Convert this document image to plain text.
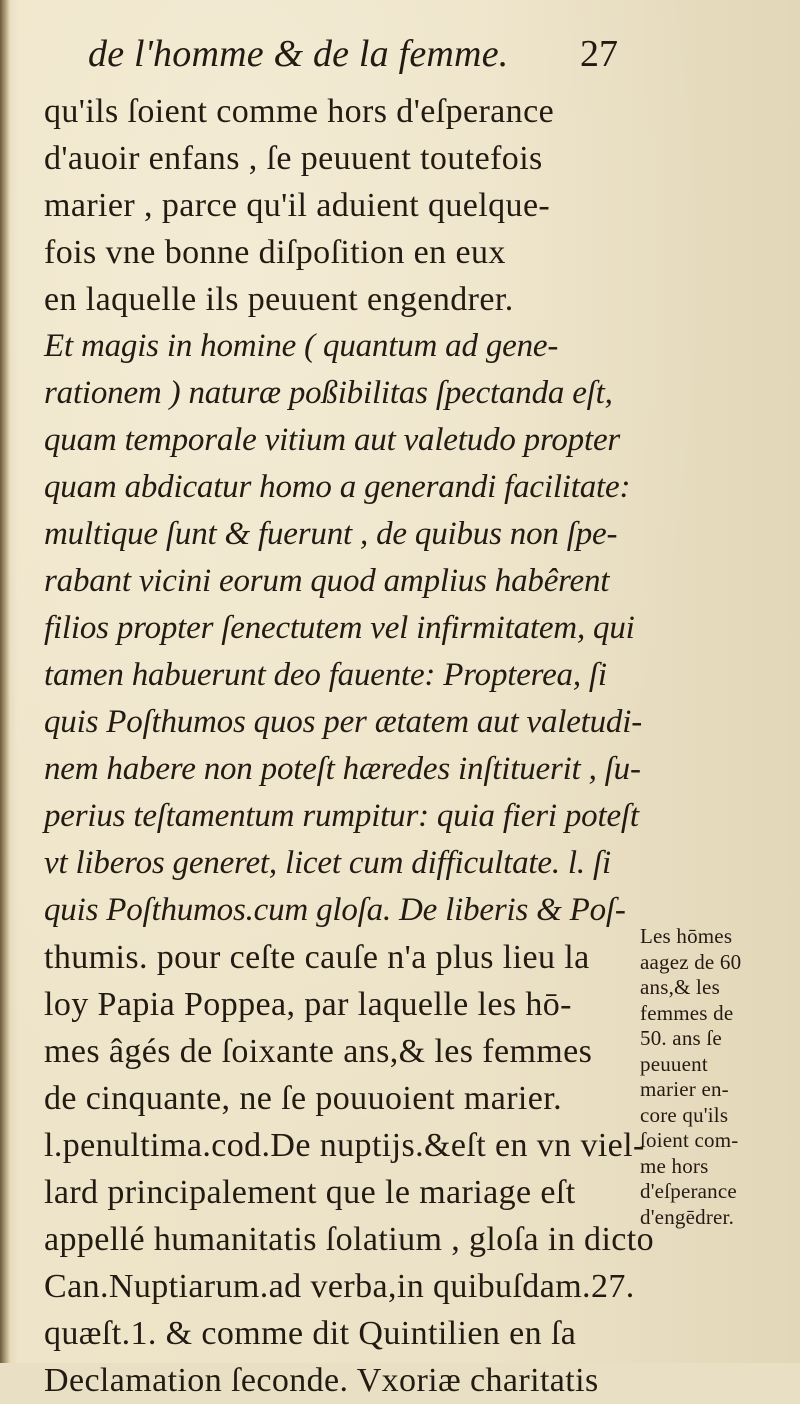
de l'homme & de la femme. 27
qu'ils ſoient comme hors d'eſperance
d'auoir enfans , ſe peuuent toutefois
marier , parce qu'il aduient quelque-
fois vne bonne diſpoſition en eux
en laquelle ils peuuent engendrer.
Et magis in homine ( quantum ad gene-
rationem ) naturæ poßibilitas ſpectanda eſt,
quam temporale vitium aut valetudo propter
quam abdicatur homo a generandi facilitate:
multique ſunt & fuerunt , de quibus non ſpe-
rabant vicini eorum quod amplius habêrent
filios propter ſenectutem vel infirmitatem, qui
tamen habuerunt deo fauente: Propterea, ſi
quis Poſthumos quos per ætatem aut valetudi-
nem habere non poteſt hæredes inſtituerit , ſu-
perius teſtamentum rumpitur: quia fieri poteſt
vt liberos generet, licet cum difficultate. l. ſi
quis Poſthumos.cum gloſa. De liberis & Poſ-
thumis. pour ceſte cauſe n'a plus lieu la
loy Papia Poppea, par laquelle les hō-
mes âgés de ſoixante ans,& les femmes
de cinquante, ne ſe pouuoient marier.
l.penultima.cod.De nuptijs.&eſt en vn viel-
lard principalement que le mariage eſt
appellé humanitatis ſolatium , gloſa in dicto
Can.Nuptiarum.ad verba,in quibuſdam.27.
quæſt.1. & comme dit Quintilien en ſa
Declamation ſeconde. Vxoriæ charitatis
Les hōmes
aagez de 60
ans,& les
femmes de
50. ans ſe
peuuent
marier en-
core qu'ils
ſoient com-
me hors
d'eſperance
d'engēdrer.
